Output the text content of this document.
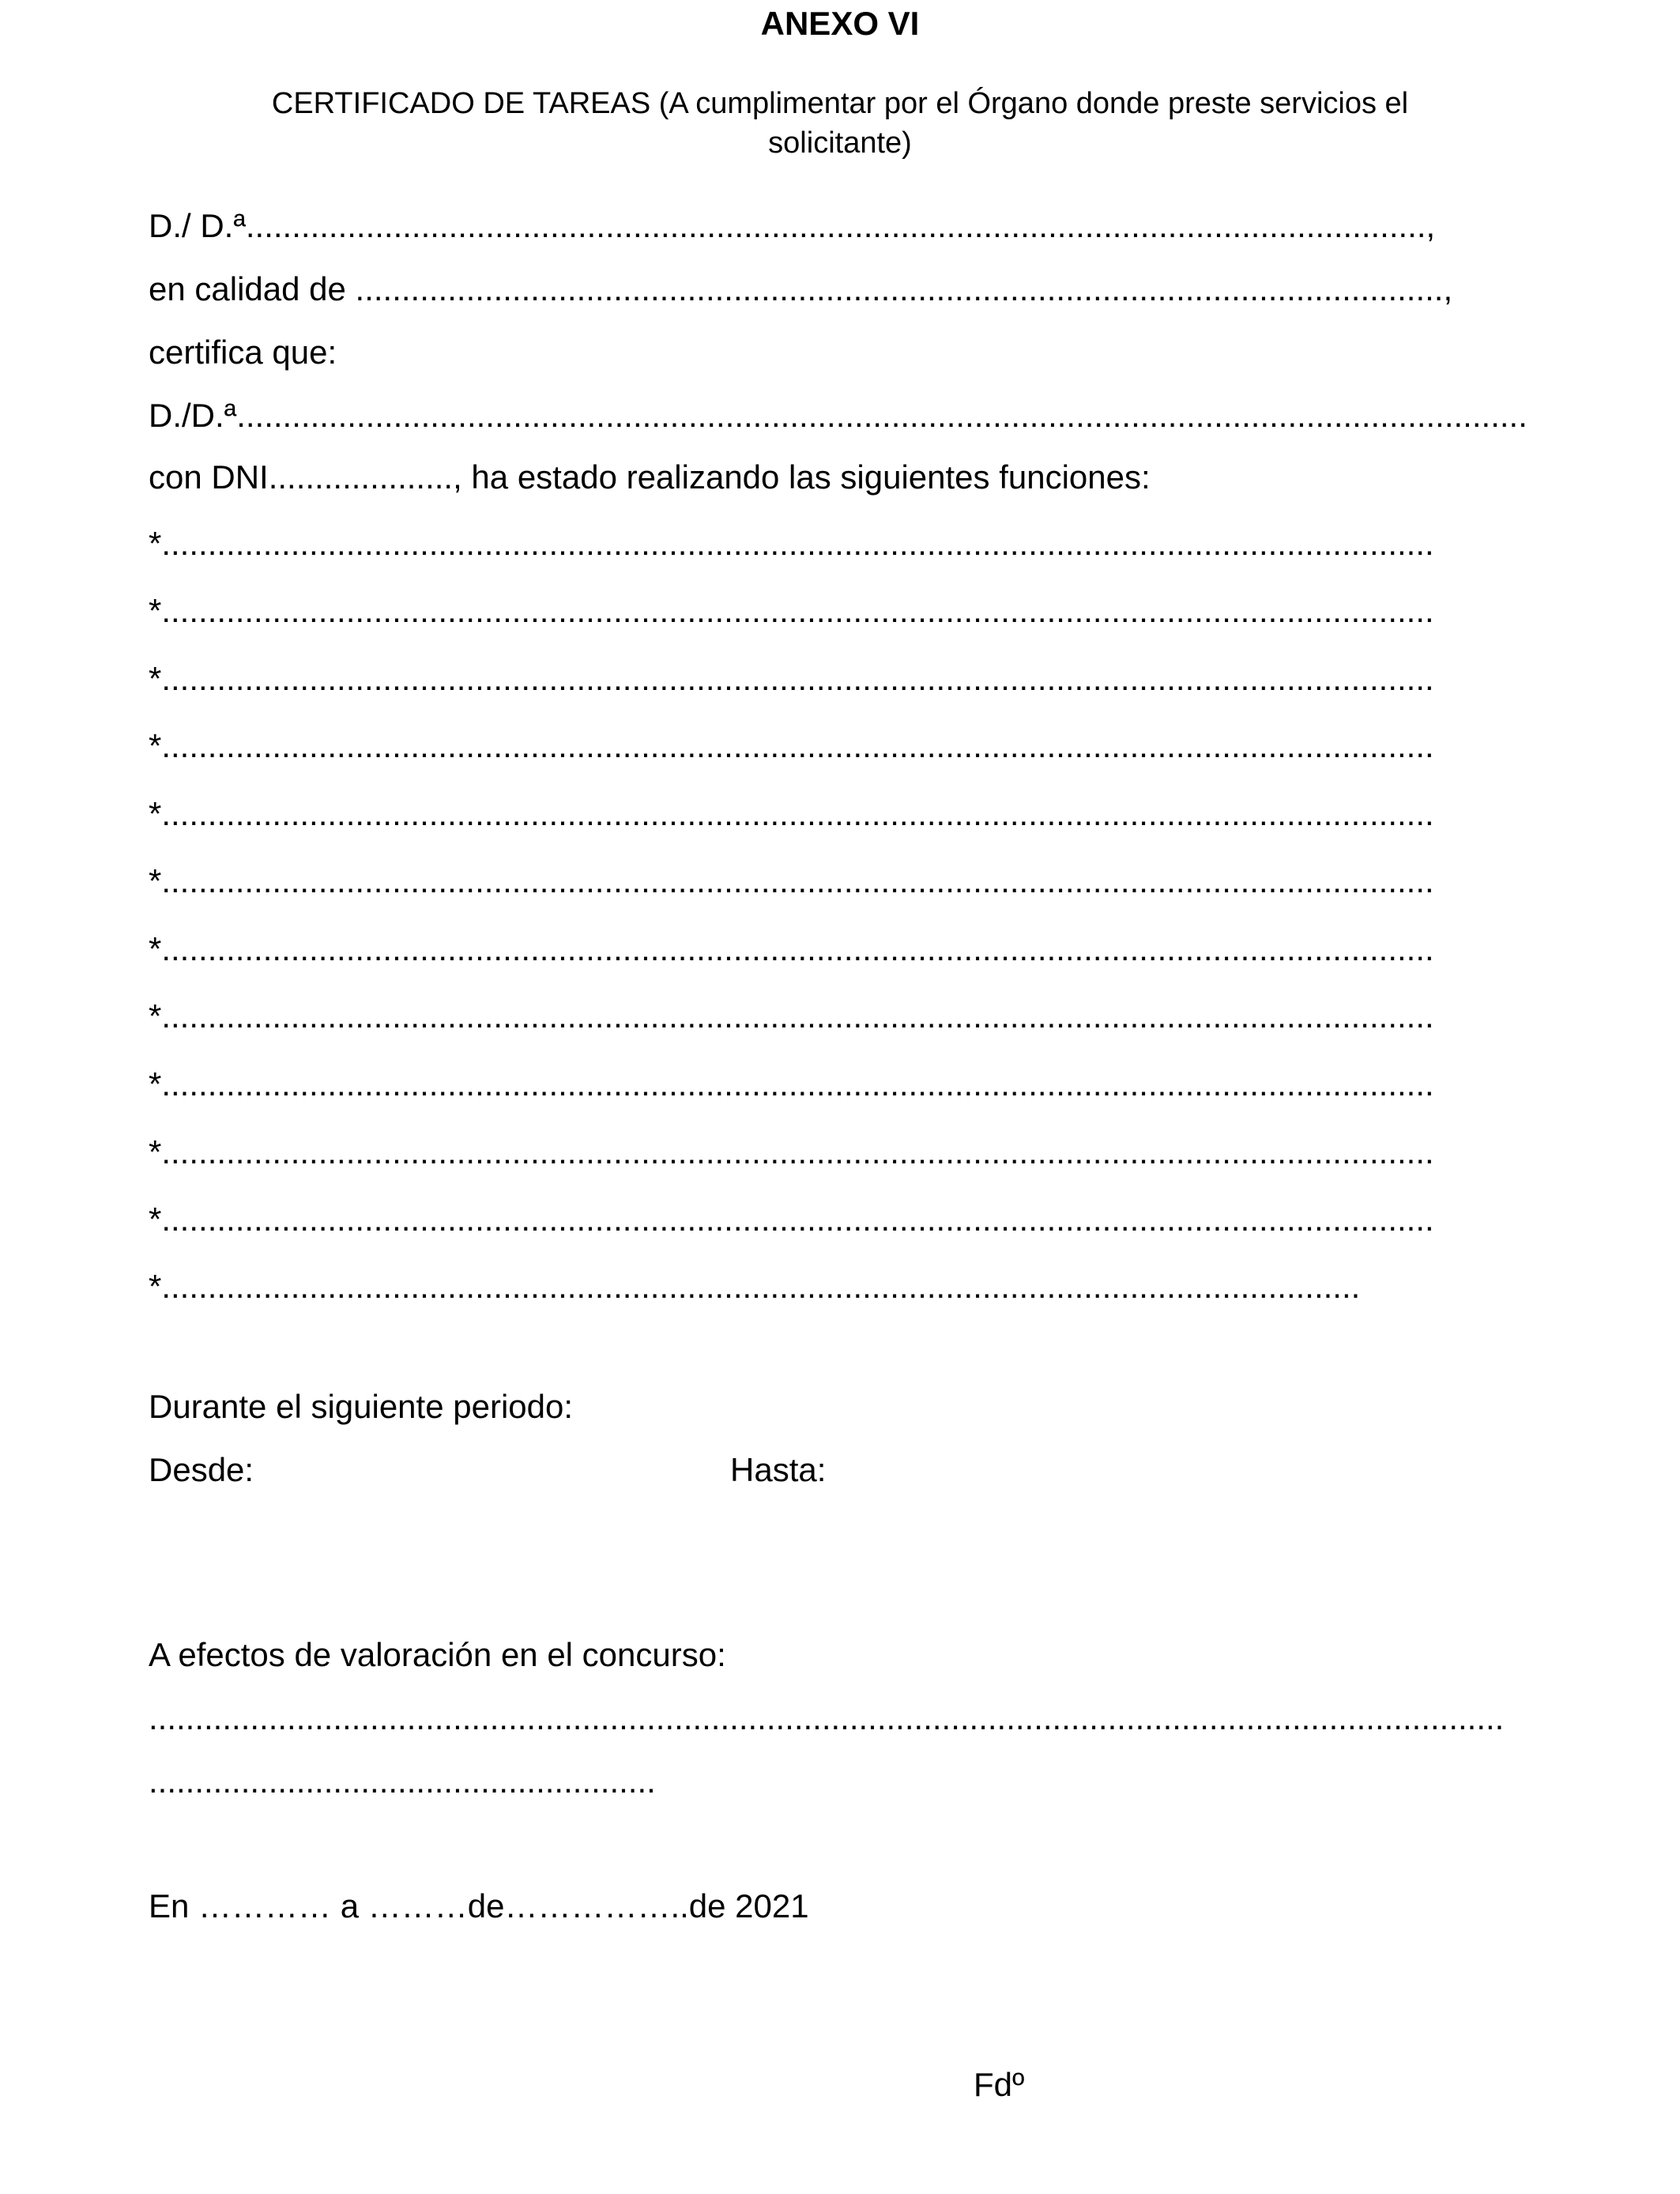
ANEXO VI
CERTIFICADO DE TAREAS (A cumplimentar por el Órgano donde preste servicios el solicitante)
D./ D.ª................................................................................................................................,
en calidad de ......................................................................................................................,
certifica que:
D./D.ª............................................................................................................................................
con DNI...................., ha estado realizando las siguientes funciones:
*..........................................................................................................................................
*..........................................................................................................................................
*..........................................................................................................................................
*..........................................................................................................................................
*..........................................................................................................................................
*..........................................................................................................................................
*..........................................................................................................................................
*..........................................................................................................................................
*..........................................................................................................................................
*..........................................................................................................................................
*..........................................................................................................................................
*..................................................................................................................................
Durante el siguiente periodo:
Desde:	Hasta:
A efectos de valoración en el concurso:
...................................................................................................................................................
.......................................................
En ………… a ………de……………..de 2021
Fdº
